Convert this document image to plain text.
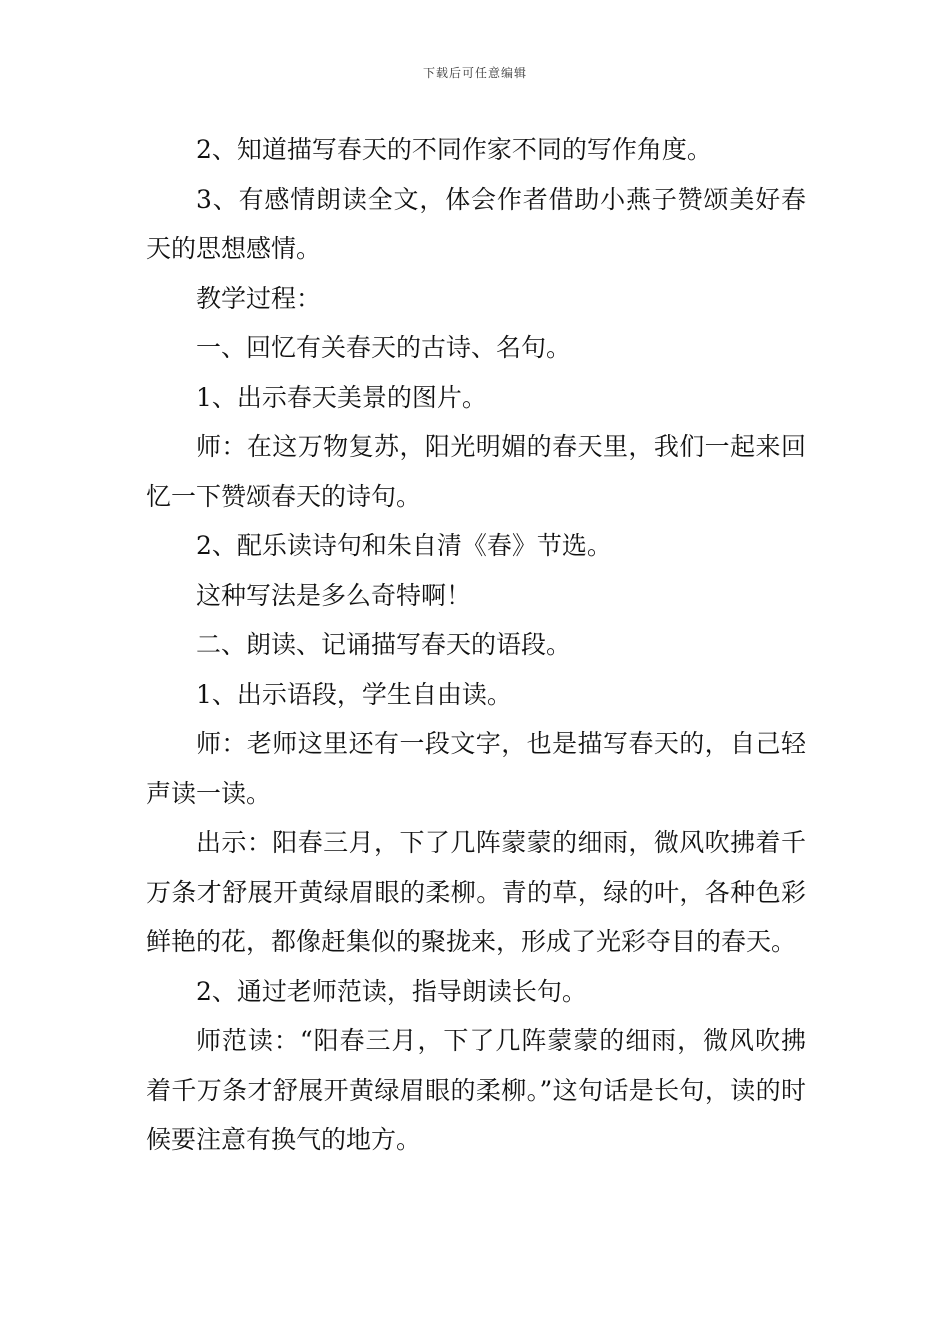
下载后可任意编辑

2、知道描写春天的不同作家不同的写作角度。

3、有感情朗读全文，体会作者借助小燕子赞颂美好春天的思想感情。

教学过程：

一、回忆有关春天的古诗、名句。

1、出示春天美景的图片。

师：在这万物复苏，阳光明媚的春天里，我们一起来回忆一下赞颂春天的诗句。

2、配乐读诗句和朱自清《春》节选。

这种写法是多么奇特啊！

二、朗读、记诵描写春天的语段。

1、出示语段，学生自由读。

师：老师这里还有一段文字，也是描写春天的，自己轻声读一读。

出示：阳春三月，下了几阵蒙蒙的细雨，微风吹拂着千万条才舒展开黄绿眉眼的柔柳。青的草，绿的叶，各种色彩鲜艳的花，都像赶集似的聚拢来，形成了光彩夺目的春天。

2、通过老师范读，指导朗读长句。

师范读：“阳春三月，下了几阵蒙蒙的细雨，微风吹拂着千万条才舒展开黄绿眉眼的柔柳。”这句话是长句，读的时候要注意有换气的地方。
